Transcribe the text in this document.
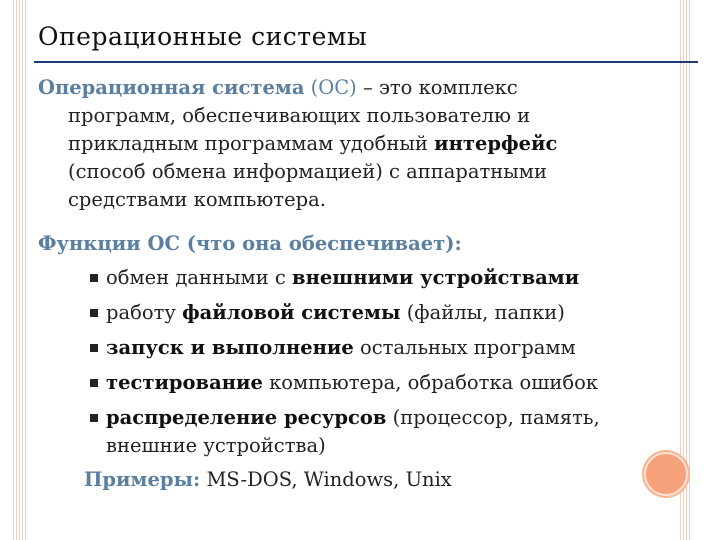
Операционные системы
Операционная система (ОС) – это комплекс
программ, обеспечивающих пользователю и
прикладным программам удобный интерфейс
(способ обмена информацией) с аппаратными
средствами компьютера.
Функции ОС (что она обеспечивает):
обмен данными с внешними устройствами
работу файловой системы (файлы, папки)
запуск и выполнение остальных программ
тестирование компьютера, обработка ошибок
распределение ресурсов (процессор, память,
внешние устройства)
Примеры: MS-DOS, Windows, Unix
